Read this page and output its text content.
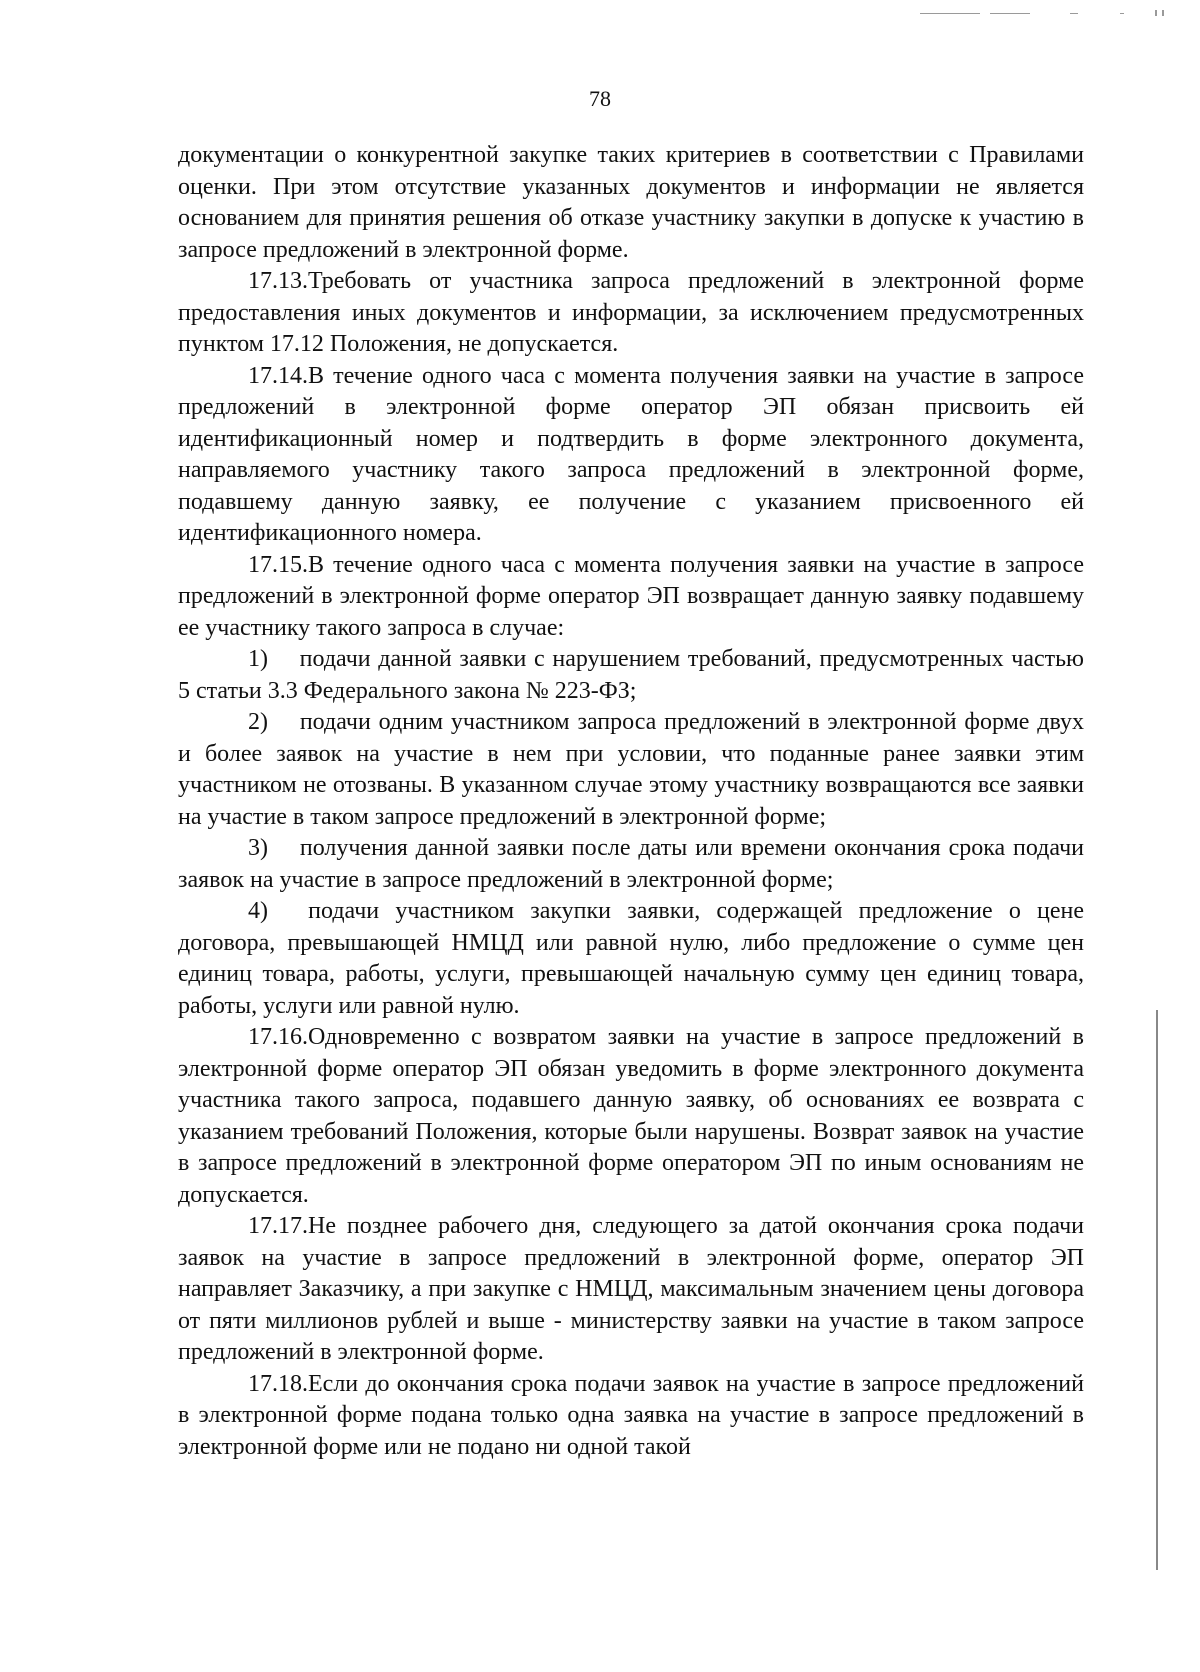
78

документации о конкурентной закупке таких критериев в соответствии с Правилами оценки. При этом отсутствие указанных документов и информации не является основанием для принятия решения об отказе участнику закупки в допуске к участию в запросе предложений в электронной форме.

17.13.Требовать от участника запроса предложений в электронной форме предоставления иных документов и информации, за исключением предусмотренных пунктом 17.12 Положения, не допускается.

17.14.В течение одного часа с момента получения заявки на участие в запросе предложений в электронной форме оператор ЭП обязан присвоить ей идентификационный номер и подтвердить в форме электронного документа, направляемого участнику такого запроса предложений в электронной форме, подавшему данную заявку, ее получение с указанием присвоенного ей идентификационного номера.

17.15.В течение одного часа с момента получения заявки на участие в запросе предложений в электронной форме оператор ЭП возвращает данную заявку подавшему ее участнику такого запроса в случае:

1)  подачи данной заявки с нарушением требований, предусмотренных частью 5 статьи 3.3 Федерального закона № 223-ФЗ;

2)  подачи одним участником запроса предложений в электронной форме двух и более заявок на участие в нем при условии, что поданные ранее заявки этим участником не отозваны. В указанном случае этому участнику возвращаются все заявки на участие в таком запросе предложений в электронной форме;

3)  получения данной заявки после даты или времени окончания срока подачи заявок на участие в запросе предложений в электронной форме;

4)  подачи участником закупки заявки, содержащей предложение о цене договора, превышающей НМЦД или равной нулю, либо предложение о сумме цен единиц товара, работы, услуги, превышающей начальную сумму цен единиц товара, работы, услуги или равной нулю.

17.16.Одновременно с возвратом заявки на участие в запросе предложений в электронной форме оператор ЭП обязан уведомить в форме электронного документа участника такого запроса, подавшего данную заявку, об основаниях ее возврата с указанием требований Положения, которые были нарушены. Возврат заявок на участие в запросе предложений в электронной форме оператором ЭП по иным основаниям не допускается.

17.17.Не позднее рабочего дня, следующего за датой окончания срока подачи заявок на участие в запросе предложений в электронной форме, оператор ЭП направляет Заказчику, а при закупке с НМЦД, максимальным значением цены договора от пяти миллионов рублей и выше - министерству заявки на участие в таком запросе предложений в электронной форме.

17.18.Если до окончания срока подачи заявок на участие в запросе предложений в электронной форме подана только одна заявка на участие в запросе предложений в электронной форме или не подано ни одной такой
